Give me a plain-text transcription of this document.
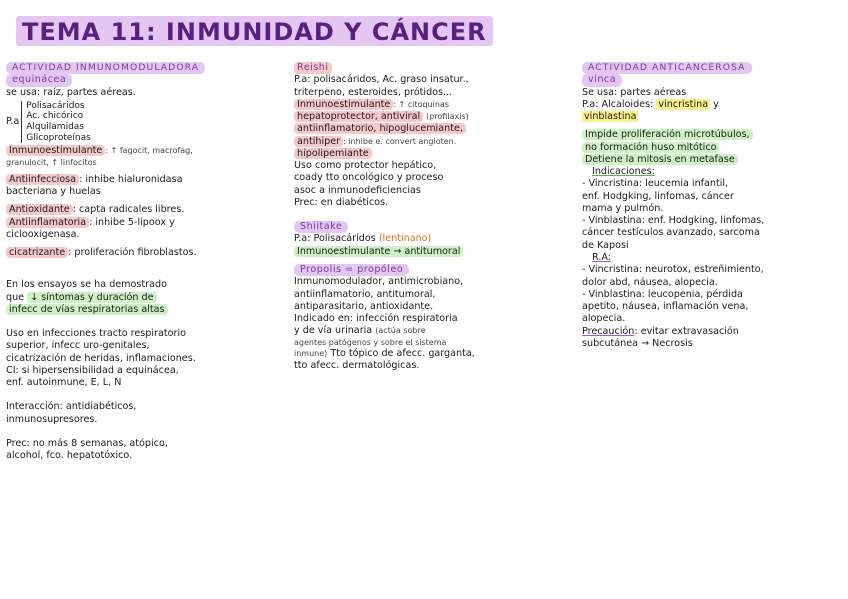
TEMA 11: INMUNIDAD Y CÁNCER
ACTIVIDAD INMUNOMODULADORA
equinácea
se usa: raíz, partes aéreas.
P.a
Polisacáridos
Ac. chicórico
Alquilamidas
Glicoproteínas
Inmunoestimulante : ↑ fagocit, macrofag,
granulocit, ↑ linfocitos
Antiinfecciosa : inhibe hialuronidasa
bacteriana y huelas
Antioxidante : capta radicales libres.
Antiinflamatoria : inhibe 5-lipoox y
ciclooxigenasa.
cicatrizante : proliferación fibroblastos.
En los ensayos se ha demostrado
que ↓ síntomas y duración de
infecc de vías respiratorias altas
Uso en infecciones tracto respiratorio
superior, infecc uro-genitales,
cicatrización de heridas, inflamaciones.
CI: si hipersensibilidad a equinácea,
enf. autoinmune, E, L, N
Interacción: antidiabéticos,
inmunosupresores.
Prec: no más 8 semanas, atópico,
alcohol, fco. hepatotóxico.
Reishi
P.a: polisacáridos, Ac. graso insatur.,
triterpeno, esteroides, prótidos...
Inmunoestimulante : ↑ citoquinas
hepatoprotector, antiviral (profilaxis)
antiinflamatorio, hipoglucemiante,
antihiper : inhibe e. convert angioten.
hipolipemiante
Uso como protector hepático,
coady tto oncológico y proceso
asoc a inmunodeficiencias
Prec: en diabéticos.
Shiitake
P.a: Polisacáridos (lentinano)
Inmunoestimulante → antitumoral
Propolis = propóleo
Inmunomodulador, antimicrobiano,
antiinflamatorio, antitumoral,
antiparasitario, antioxidante.
Indicado en: infección respiratoria
y de vía urinaria (actúa sobre
agentes patógenos y sobre el sistema
inmune) Tto tópico de afecc. garganta,
tto afecc. dermatológicas.
ACTIVIDAD ANTICANCEROSA
vinca
Se usa: partes aéreas
P.a: Alcaloides: vincristina y
vinblastina
Impide proliferación microtúbulos,
no formación huso mitótico
Detiene la mitosis en metafase
Indicaciones:
- Vincristina: leucemia infantil,
enf. Hodgking, linfomas, cáncer
mama y pulmón.
- Vinblastina: enf. Hodgking, linfomas,
cáncer testículos avanzado, sarcoma
de Kaposi
R.A:
- Vincristina: neurotox, estreñimiento,
dolor abd, náusea, alopecia.
- Vinblastina: leucopenia, pérdida
apetito, náusea, inflamación vena,
alopecia.
Precaución: evitar extravasación
subcutánea → Necrosis
